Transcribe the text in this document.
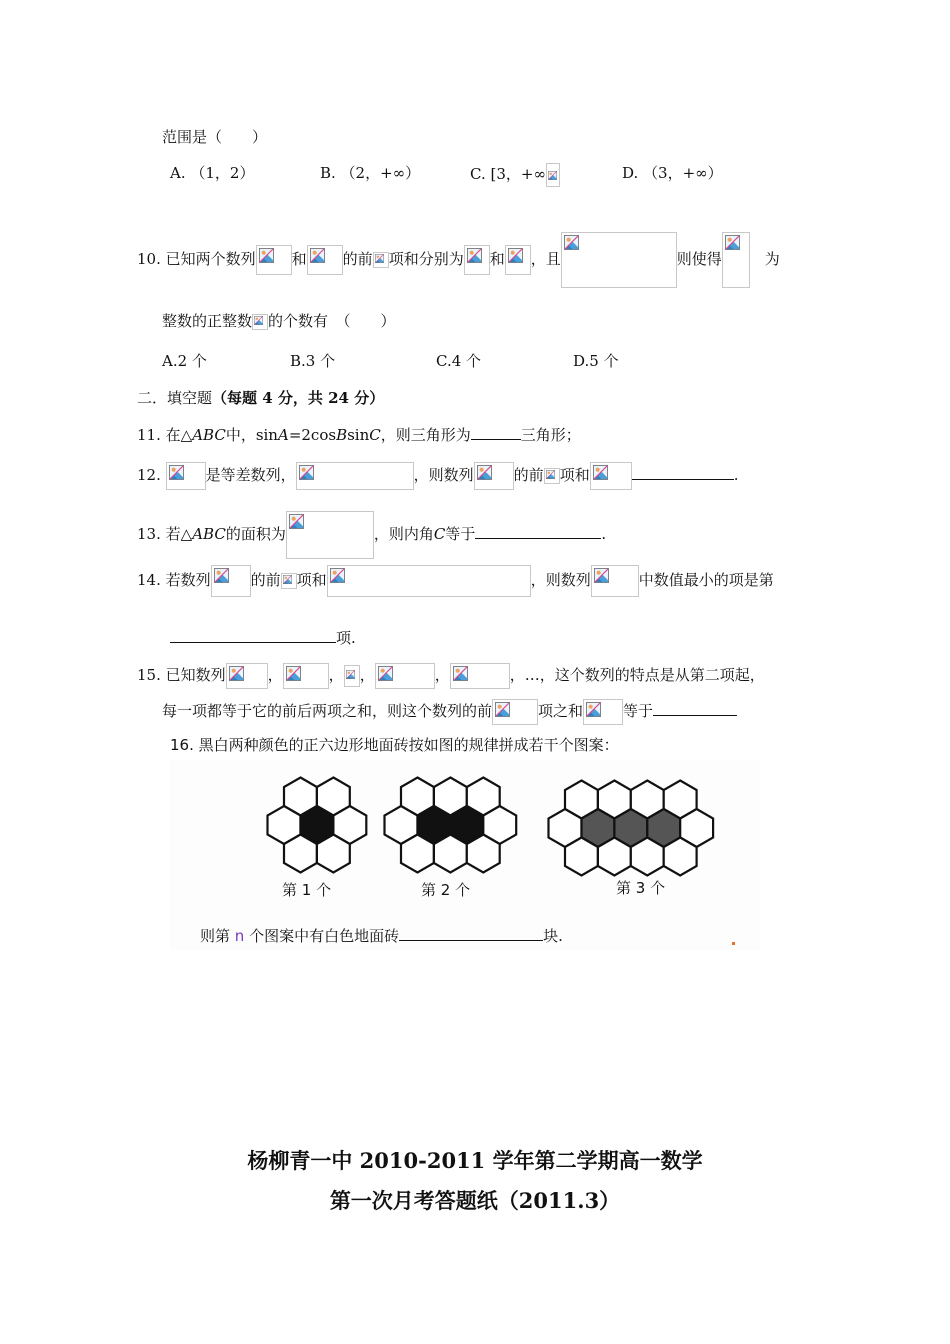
范围是（　　）
A. （1，2）	B. （2，+∞）	C. [3，+∞	D. （3，+∞）
10. 已知两个数列 和 的前 项和分别为 和 ，且	则使得
　	为
整数的正整数 的个数有　（　　）
A.2 个	B.3 个	C.4 个	D.5 个
二．填空题（每题 4 分，共 24 分）
11. 在△ABC中，sinA=2cosBsinC，则三角形为	三角形；
12.	是等差数列，	，则数列	的前 项和	.
13. 若△ABC的面积为	，则内角C等于	.
14. 若数列	的前 项和	，则数列	中数值最小的项是第
项.
15. 已知数列	，	， ，	，	，…，这个数列的特点是从第二项起，
每一项都等于它的前后两项之和，则这个数列的前	项之和	等于
16. 黑白两种颜色的正六边形地面砖按如图的规律拼成若干个图案：
第 1 个	第 2 个	第 3 个
则第 n 个图案中有白色地面砖	块.
杨柳青一中 2010-2011 学年第二学期高一数学
第一次月考答题纸（2011.3）
